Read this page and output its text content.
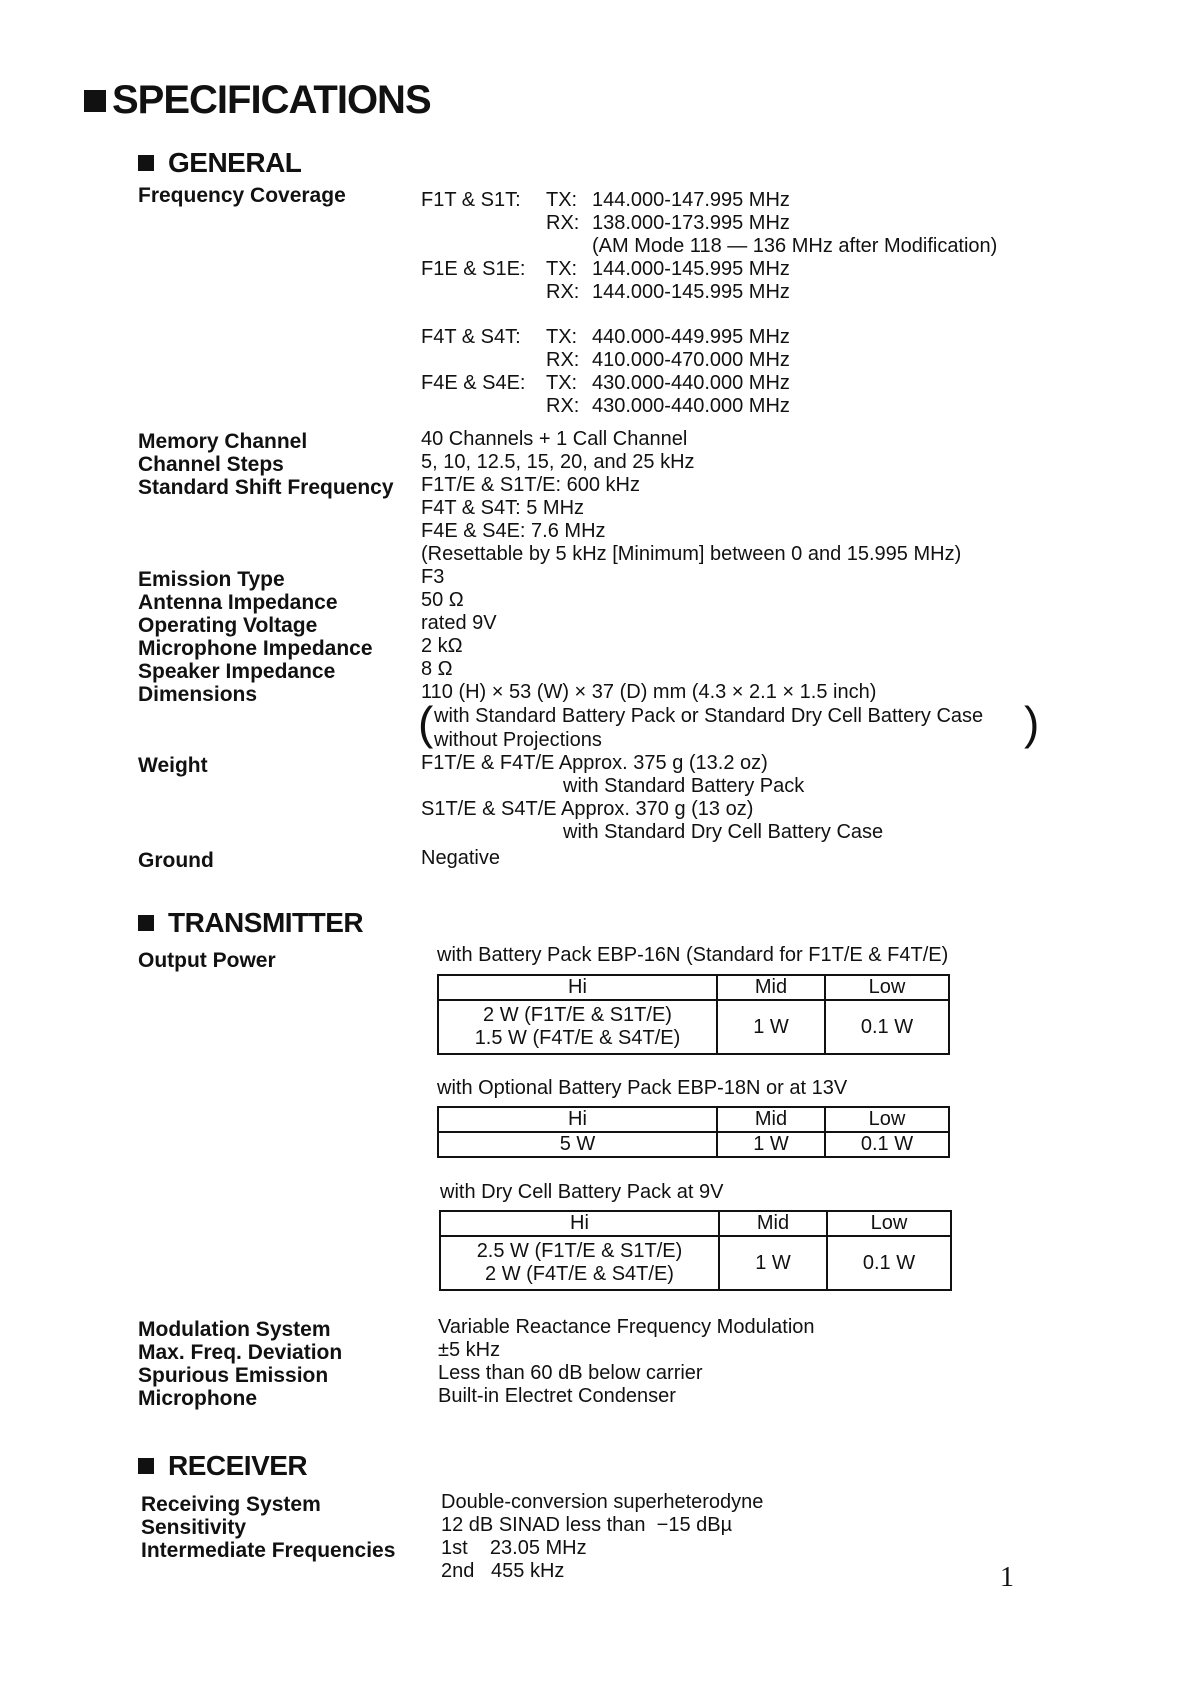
SPECIFICATIONS
GENERAL
Frequency Coverage	F1T & S1T: TX: 144.000-147.995 MHz
RX: 138.000-173.995 MHz
(AM Mode 118 — 136 MHz after Modification)
F1E & S1E: TX: 144.000-145.995 MHz
RX: 144.000-145.995 MHz
F4T & S4T: TX: 440.000-449.995 MHz
RX: 410.000-470.000 MHz
F4E & S4E: TX: 430.000-440.000 MHz
RX: 430.000-440.000 MHz
Memory Channel	40 Channels + 1 Call Channel
Channel Steps	5, 10, 12.5, 15, 20, and 25 kHz
Standard Shift Frequency F1T/E & S1T/E: 600 kHz
F4T & S4T: 5 MHz
F4E & S4E: 7.6 MHz
(Resettable by 5 kHz [Minimum] between 0 and 15.995 MHz)
Emission Type	F3
Antenna Impedance	50 Ω
Operating Voltage	rated 9V
Microphone Impedance 2 kΩ
Speaker Impedance	8 Ω
Dimensions	110 (H) × 53 (W) × 37 (D) mm (4.3 × 2.1 × 1.5 inch)
( with Standard Battery Pack or Standard Dry Cell Battery Case
without Projections	)
Weight	F1T/E & F4T/E Approx. 375 g (13.2 oz)
with Standard Battery Pack
S1T/E & S4T/E Approx. 370 g (13 oz)
with Standard Dry Cell Battery Case
Ground	Negative
TRANSMITTER
Output Power	with Battery Pack EBP-16N (Standard for F1T/E & F4T/E)
Hi	Mid	Low

2 W (F1T/E & S1T/E)
1.5 W (F4T/E & S4T/E)	1 W	0.1 W
with Optional Battery Pack EBP-18N or at 13V
Hi	Mid	Low
5 W	1 W	0.1 W
with Dry Cell Battery Pack at 9V
Hi	Mid	Low

2.5 W (F1T/E & S1T/E)
2 W (F4T/E & S4T/E)	1 W	0.1 W
Modulation System	Variable Reactance Frequency Modulation
Max. Freq. Deviation	±5 kHz
Spurious Emission	Less than 60 dB below carrier
Microphone	Built-in Electret Condenser
RECEIVER
Receiving System	Double-conversion superheterodyne
Sensitivity	12 dB SINAD less than  −15 dBµ
Intermediate Frequencies 1st    23.05 MHz
2nd   455 kHz	1
